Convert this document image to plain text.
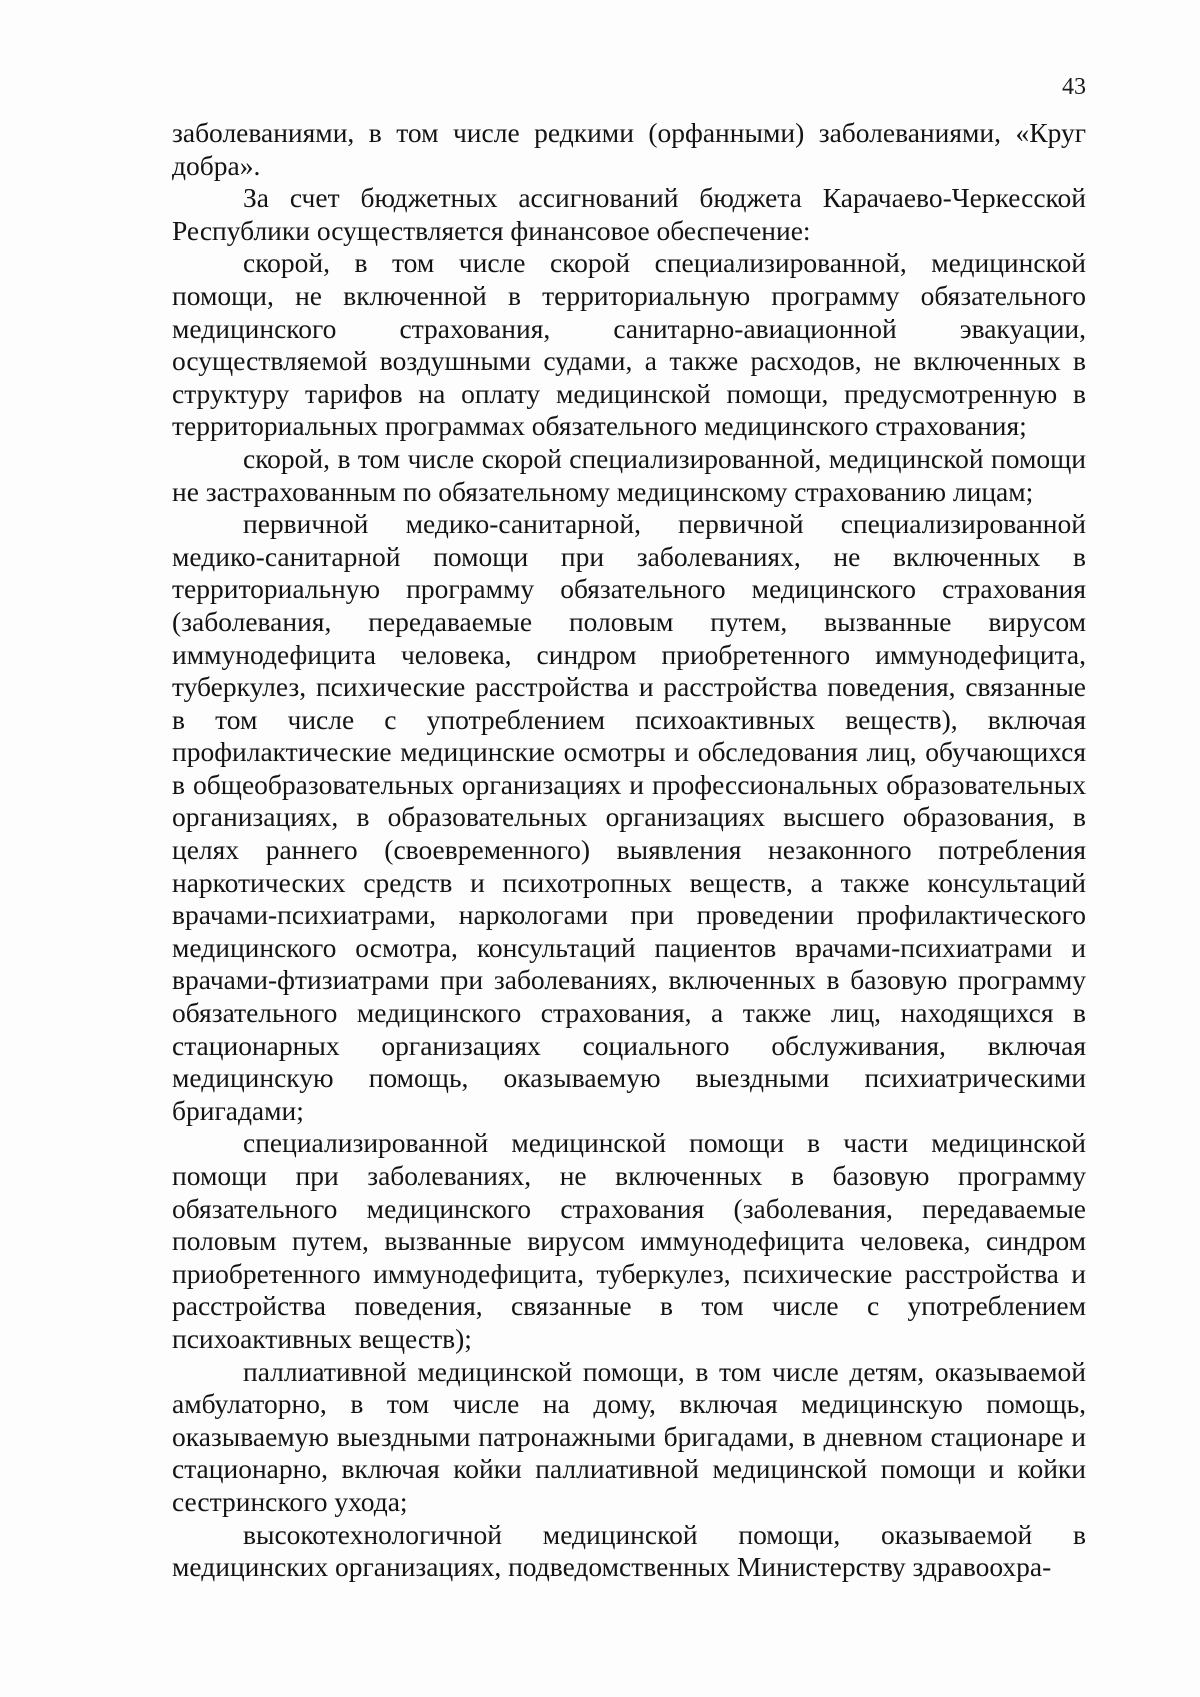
43

заболеваниями, в том числе редкими (орфанными) заболеваниями, «Круг добра».

За счет бюджетных ассигнований бюджета Карачаево-Черкесской Республики осуществляется финансовое обеспечение:

скорой, в том числе скорой специализированной, медицинской помощи, не включенной в территориальную программу обязательного медицинского страхования, санитарно-авиационной эвакуации, осуществляемой воздушными судами, а также расходов, не включенных в структуру тарифов на оплату медицинской помощи, предусмотренную в территориальных программах обязательного медицинского страхования;

скорой, в том числе скорой специализированной, медицинской помощи не застрахованным по обязательному медицинскому страхованию лицам;

первичной медико-санитарной, первичной специализированной медико-санитарной помощи при заболеваниях, не включенных в территориальную программу обязательного медицинского страхования (заболевания, передаваемые половым путем, вызванные вирусом иммунодефицита человека, синдром приобретенного иммунодефицита, туберкулез, психические расстройства и расстройства поведения, связанные в том числе с употреблением психоактивных веществ), включая профилактические медицинские осмотры и обследования лиц, обучающихся в общеобразовательных организациях и профессиональных образовательных организациях, в образовательных организациях высшего образования, в целях раннего (своевременного) выявления незаконного потребления наркотических средств и психотропных веществ, а также консультаций врачами-психиатрами, наркологами при проведении профилактического медицинского осмотра, консультаций пациентов врачами-психиатрами и врачами-фтизиатрами при заболеваниях, включенных в базовую программу обязательного медицинского страхования, а также лиц, находящихся в стационарных организациях социального обслуживания, включая медицинскую помощь, оказываемую выездными психиатрическими бригадами;

специализированной медицинской помощи в части медицинской помощи при заболеваниях, не включенных в базовую программу обязательного медицинского страхования (заболевания, передаваемые половым путем, вызванные вирусом иммунодефицита человека, синдром приобретенного иммунодефицита, туберкулез, психические расстройства и расстройства поведения, связанные в том числе с употреблением психоактивных веществ);

паллиативной медицинской помощи, в том числе детям, оказываемой амбулаторно, в том числе на дому, включая медицинскую помощь, оказываемую выездными патронажными бригадами, в дневном стационаре и стационарно, включая койки паллиативной медицинской помощи и койки сестринского ухода;

высокотехнологичной медицинской помощи, оказываемой в медицинских организациях, подведомственных Министерству здравоохра-
